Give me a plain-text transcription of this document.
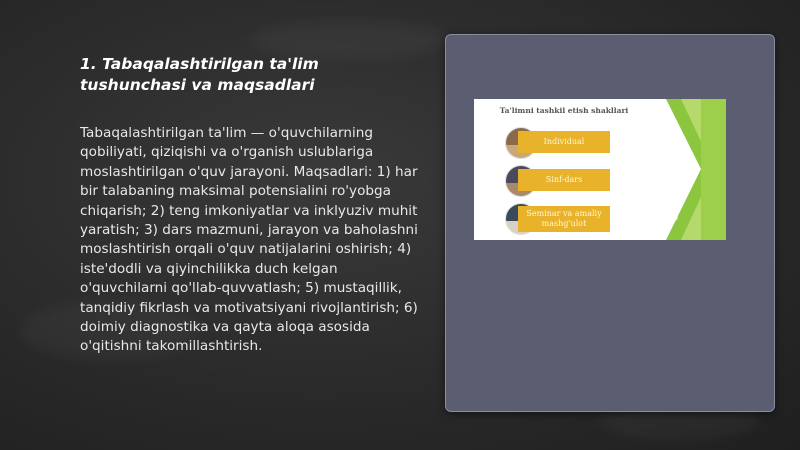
1. Tabaqalashtirilgan ta'lim
tushunchasi va maqsadlari
Tabaqalashtirilgan ta'lim — o'quvchilarning qobiliyati, qiziqishi va o'rganish uslublariga moslashtirilgan o'quv jarayoni. Maqsadlari: 1) har bir talabaning maksimal potensialini ro'yobga chiqarish; 2) teng imkoniyatlar va inklyuziv muhit yaratish; 3) dars mazmuni, jarayon va baholashni moslashtirish orqali o'quv natijalarini oshirish; 4) iste'dodli va qiyinchilikka duch kelgan o'quvchilarni qo'llab-quvvatlash; 5) mustaqillik, tanqidiy fikrlash va motivatsiyani rivojlantirish; 6) doimiy diagnostika va qayta aloqa asosida o'qitishni takomillashtirish.
Ta'limni tashkil etish shakllari
Individual
Sinf-dars
Seminar va amaliy mashg'ulot
